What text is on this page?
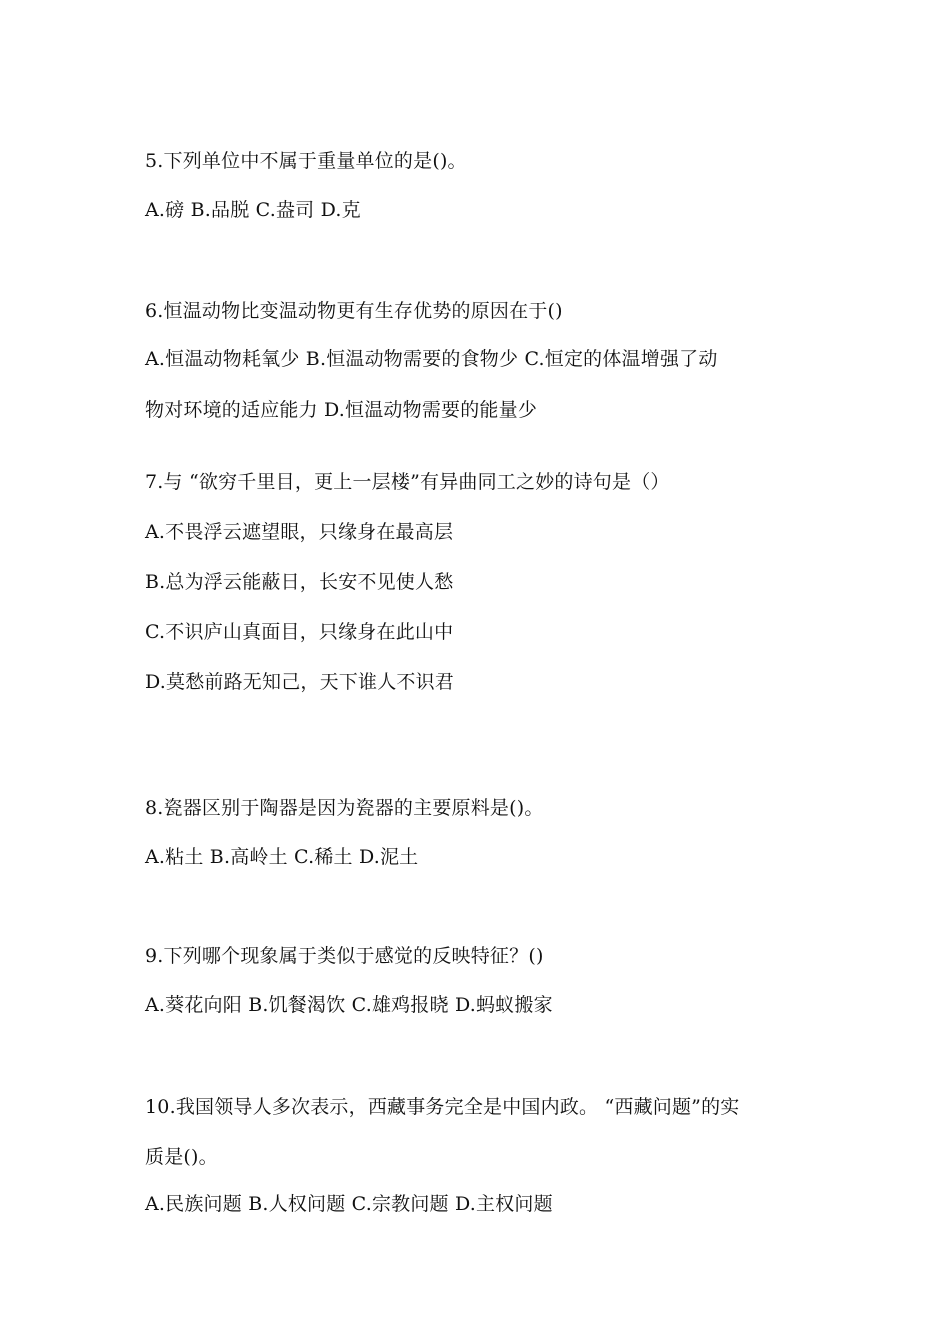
5.下列单位中不属于重量单位的是()。
A.磅 B.品脱 C.盎司 D.克
6.恒温动物比变温动物更有生存优势的原因在于()
A.恒温动物耗氧少 B.恒温动物需要的食物少 C.恒定的体温增强了动
物对环境的适应能力 D.恒温动物需要的能量少
7.与 “欲穷千里目，更上一层楼”有异曲同工之妙的诗句是（）
A.不畏浮云遮望眼，只缘身在最高层
B.总为浮云能蔽日，长安不见使人愁
C.不识庐山真面目，只缘身在此山中
D.莫愁前路无知己，天下谁人不识君
8.瓷器区别于陶器是因为瓷器的主要原料是()。
A.粘土 B.高岭土 C.稀土 D.泥土
9.下列哪个现象属于类似于感觉的反映特征？()
A.葵花向阳 B.饥餐渴饮 C.雄鸡报晓 D.蚂蚁搬家
10.我国领导人多次表示，西藏事务完全是中国内政。 “西藏问题”的实
质是()。
A.民族问题 B.人权问题 C.宗教问题 D.主权问题
